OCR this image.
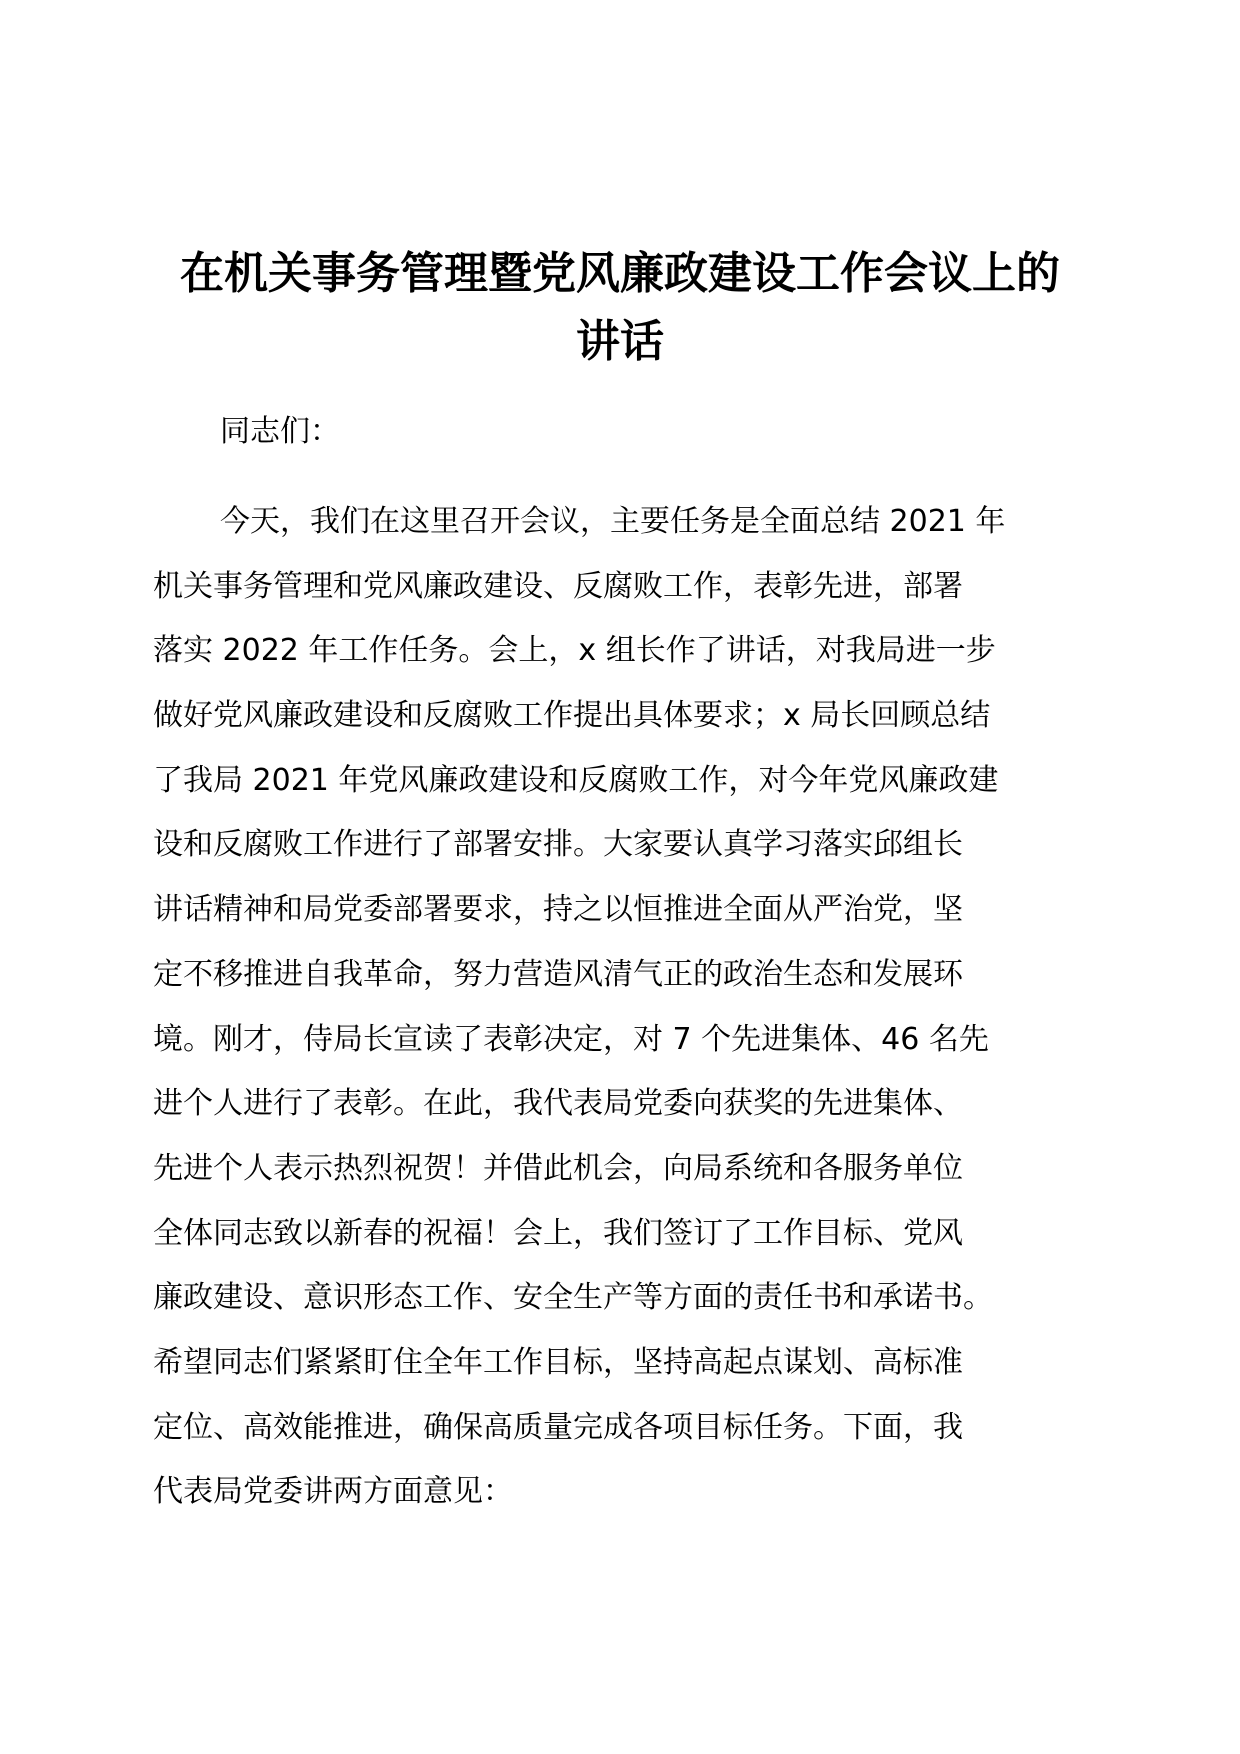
在机关事务管理暨党风廉政建设工作会议上的
讲话
同志们：
今天，我们在这里召开会议，主要任务是全面总结 2021 年
机关事务管理和党风廉政建设、反腐败工作，表彰先进，部署
落实 2022 年工作任务。会上，x 组长作了讲话，对我局进一步
做好党风廉政建设和反腐败工作提出具体要求；x 局长回顾总结
了我局 2021 年党风廉政建设和反腐败工作，对今年党风廉政建
设和反腐败工作进行了部署安排。大家要认真学习落实邱组长
讲话精神和局党委部署要求，持之以恒推进全面从严治党，坚
定不移推进自我革命，努力营造风清气正的政治生态和发展环
境。刚才，侍局长宣读了表彰决定，对 7 个先进集体、46 名先
进个人进行了表彰。在此，我代表局党委向获奖的先进集体、
先进个人表示热烈祝贺！并借此机会，向局系统和各服务单位
全体同志致以新春的祝福！会上，我们签订了工作目标、党风
廉政建设、意识形态工作、安全生产等方面的责任书和承诺书。
希望同志们紧紧盯住全年工作目标，坚持高起点谋划、高标准
定位、高效能推进，确保高质量完成各项目标任务。下面，我
代表局党委讲两方面意见：
